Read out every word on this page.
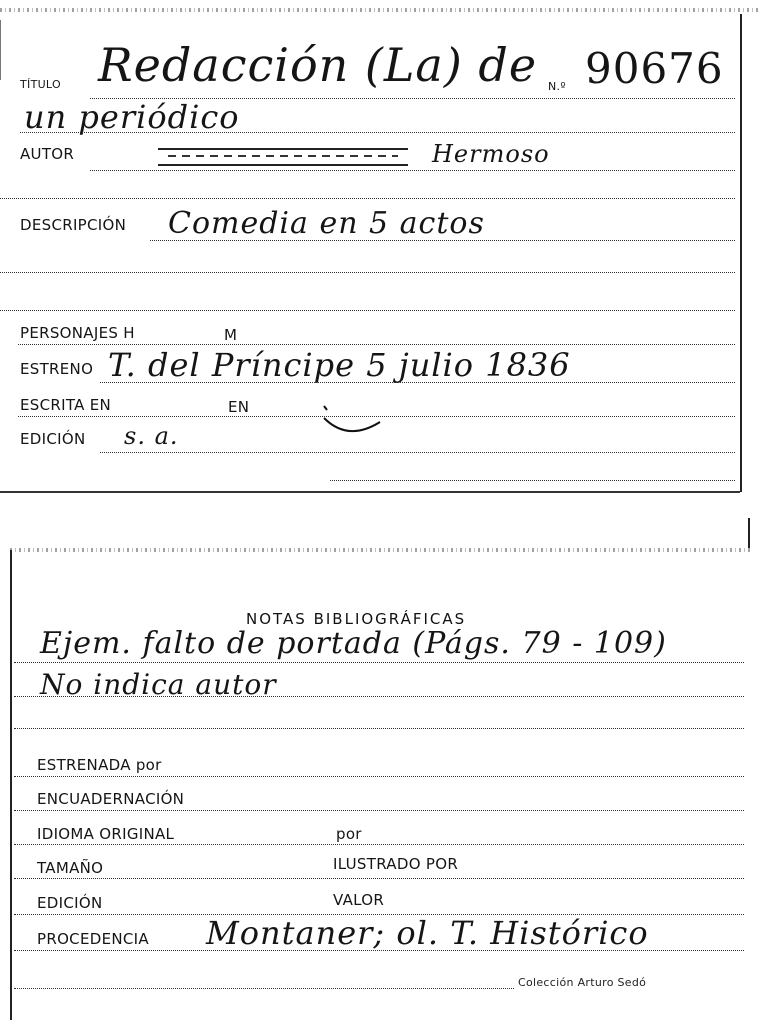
TÍTULO Redacción (La) de N.º 90676
un periódico
AUTOR	Hermoso
DESCRIPCIÓN Comedia en 5 actos
PERSONAJES H	M
ESTRENO T. del Príncipe 5 julio 1836
ESCRITA EN	EN
EDICIÓN s. a.
NOTAS BIBLIOGRÁFICAS
Ejem. falto de portada (Págs. 79 - 109)
No indica autor
ESTRENADA por
ENCUADERNACIÓN
IDIOMA ORIGINAL	por
TAMAÑO	ILUSTRADO POR
EDICIÓN	VALOR
PROCEDENCIA Montaner; ol. T. Histórico
Colección Arturo Sedó
